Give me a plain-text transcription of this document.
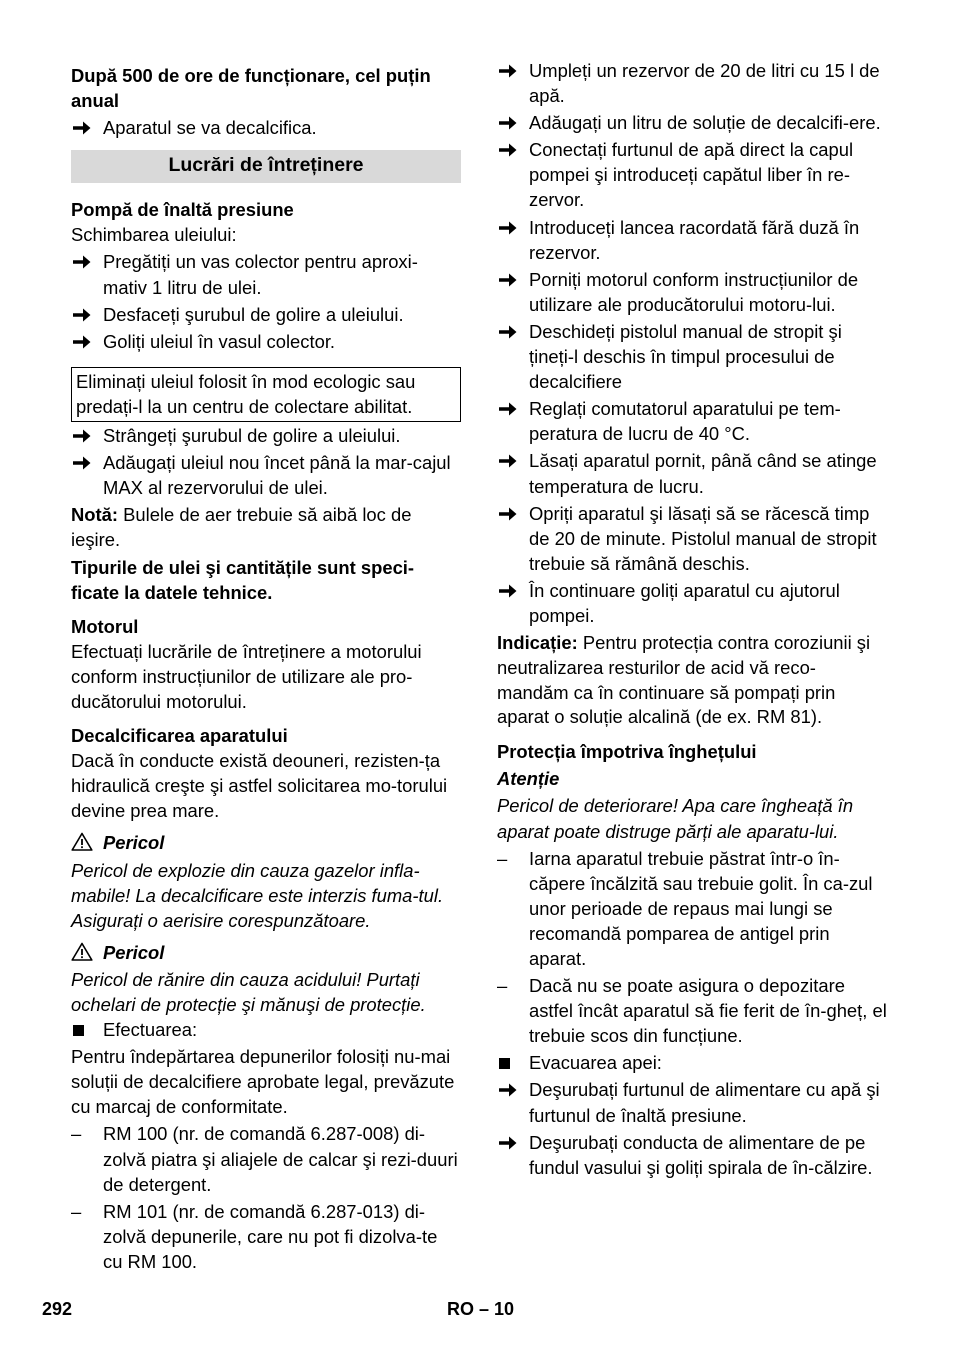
După 500 de ore de funcționare, cel puțin anual

Aparatul se va decalcifica.
Lucrări de întreținere

Pompă de înaltă presiune

Schimbarea uleiului:

Pregătiți un vas colector pentru aproxi-mativ 1 litru de ulei.
Desfaceți şurubul de golire a uleiului.
Goliți uleiul în vasul colector.
Eliminați uleiul folosit în mod ecologic sau predați-l la un centru de colectare abilitat.
Strângeți şurubul de golire a uleiului.
Adăugați uleiul nou încet până la mar-cajul MAX al rezervorului de ulei.

Notă: Bulele de aer trebuie să aibă loc de ieşire.

Tipurile de ulei şi cantitățile sunt speci-ficate la datele tehnice.

Motorul

Efectuați lucrările de întreținere a motorului conform instrucțiunilor de utilizare ale pro-ducătorului motorului.

Decalcificarea aparatului

Dacă în conducte există deouneri, rezisten-ța hidraulică creşte şi astfel solicitarea mo-torului devine prea mare.

Pericol

Pericol de explozie din cauza gazelor infla-mabile! La decalcificare este interzis fuma-tul. Asigurați o aerisire corespunzătoare.

Pericol

Pericol de rănire din cauza acidului! Purtați ochelari de protecție şi mănuşi de protecție.

Efectuarea:

Pentru îndepărtarea depunerilor folosiți nu-mai soluții de decalcifiere aprobate legal, prevăzute cu marcaj de conformitate.

–	RM 100 (nr. de comandă 6.287-008) di-zolvă piatra şi aliajele de calcar şi rezi-duuri de detergent.
–	RM 101 (nr. de comandă 6.287-013) di-zolvă depunerile, care nu pot fi dizolva-te cu RM 100.
Umpleți un rezervor de 20 de litri cu 15 l de apă.
Adăugați un litru de soluție de decalcifi-ere.
Conectați furtunul de apă direct la capul pompei şi introduceți capătul liber în re-zervor.
Introduceți lancea racordată fără duză în rezervor.
Porniți motorul conform instrucțiunilor de utilizare ale producătorului motoru-lui.
Deschideți pistolul manual de stropit şi țineți-l deschis în timpul procesului de decalcifiere
Reglați comutatorul aparatului pe tem-peratura de lucru de 40 °C.
Lăsați aparatul pornit, până când se atinge temperatura de lucru.
Opriți aparatul şi lăsați să se răcescă timp de 20 de minute. Pistolul manual de stropit trebuie să rămână deschis.
În continuare goliți aparatul cu ajutorul pompei.

Indicație: Pentru protecția contra coroziunii şi neutralizarea resturilor de acid vă reco-mandăm ca în continuare să pompați prin aparat o soluție alcalină (de ex. RM 81).

Protecția împotriva înghețului

Atenție

Pericol de deteriorare! Apa care îngheață în aparat poate distruge părți ale aparatu-lui.

–	Iarna aparatul trebuie păstrat într-o în-căpere încălzită sau trebuie golit. În ca-zul unor perioade de repaus mai lungi se recomandă pomparea de antigel prin aparat.
–	Dacă nu se poate asigura o depozitare astfel încât aparatul să fie ferit de în-gheț, el trebuie scos din funcțiune.
Evacuarea apei:
Deşurubați furtunul de alimentare cu apă şi furtunul de înaltă presiune.
Deşurubați conducta de alimentare de pe fundul vasului şi goliți spirala de în-călzire.
292	RO – 10
